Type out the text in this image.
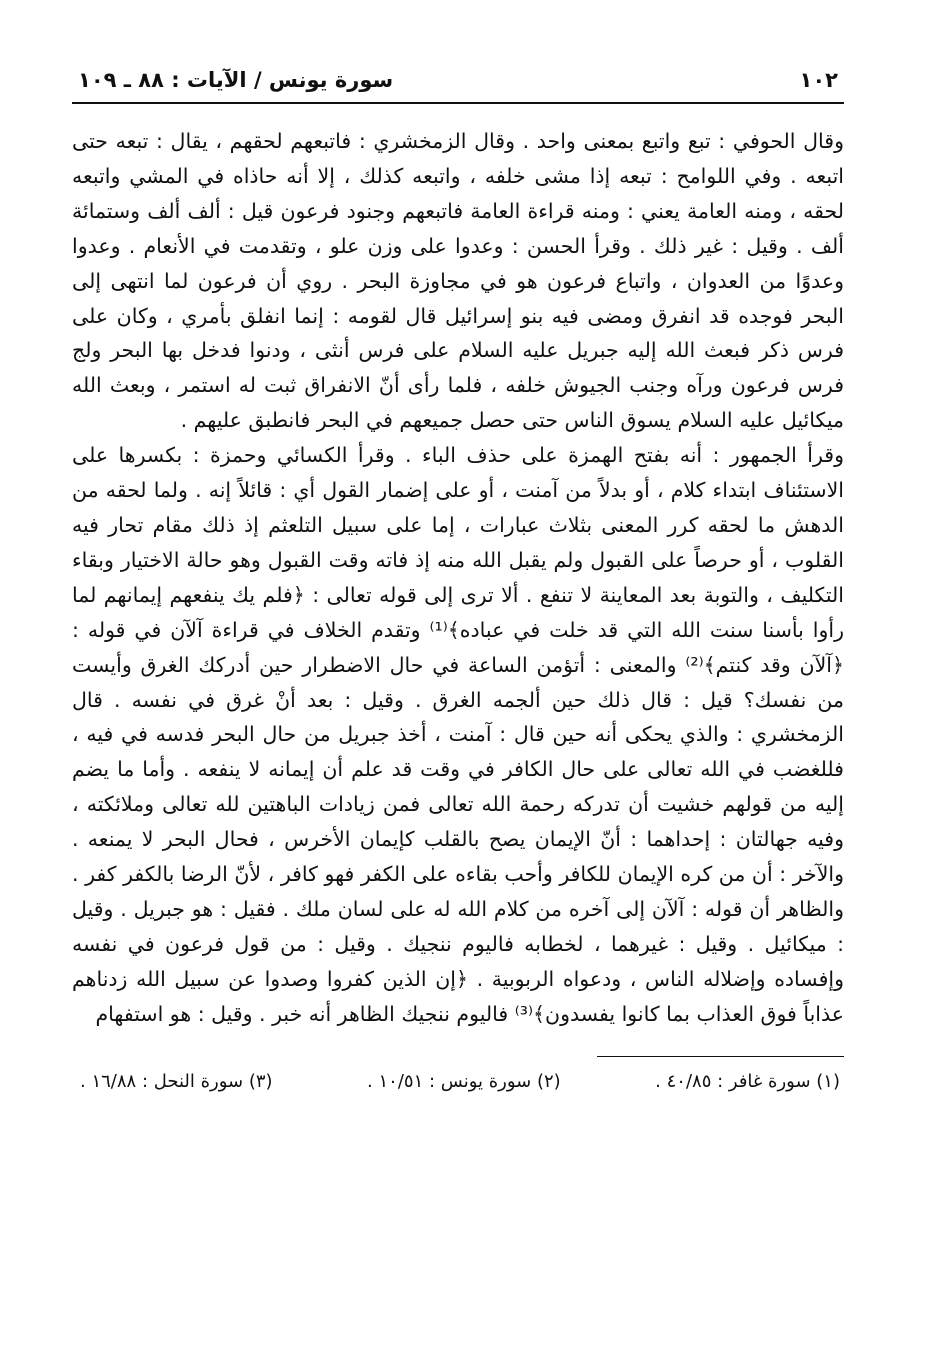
١٠٢
سورة يونس / الآيات : ٨٨ ـ ١٠٩

وقال الحوفي : تبع واتبع بمعنى واحد . وقال الزمخشري : فاتبعهم لحقهم ، يقال : تبعه حتى اتبعه . وفي اللوامح : تبعه إذا مشى خلفه ، واتبعه كذلك ، إلا أنه حاذاه في المشي واتبعه لحقه ، ومنه العامة يعني : ومنه قراءة العامة فاتبعهم وجنود فرعون قيل : ألف ألف وستمائة ألف . وقيل : غير ذلك . وقرأ الحسن : وعدوا على وزن علو ، وتقدمت في الأنعام . وعدوا وعدوًا من العدوان ، واتباع فرعون هو في مجاوزة البحر . روي أن فرعون لما انتهى إلى البحر فوجده قد انفرق ومضى فيه بنو إسرائيل قال لقومه : إنما انفلق بأمري ، وكان على فرس ذكر فبعث الله إليه جبريل عليه السلام على فرس أنثى ، ودنوا فدخل بها البحر ولج فرس فرعون ورآه وجنب الجيوش خلفه ، فلما رأى أنّ الانفراق ثبت له استمر ، وبعث الله ميكائيل عليه السلام يسوق الناس حتى حصل جميعهم في البحر فانطبق عليهم .

وقرأ الجمهور : أنه بفتح الهمزة على حذف الباء . وقرأ الكسائي وحمزة : بكسرها على الاستئناف ابتداء كلام ، أو بدلاً من آمنت ، أو على إضمار القول أي : قائلاً إنه . ولما لحقه من الدهش ما لحقه كرر المعنى بثلاث عبارات ، إما على سبيل التلعثم إذ ذلك مقام تحار فيه القلوب ، أو حرصاً على القبول ولم يقبل الله منه إذ فاته وقت القبول وهو حالة الاختيار وبقاء التكليف ، والتوبة بعد المعاينة لا تنفع . ألا ترى إلى قوله تعالى : ﴿فلم يك ينفعهم إيمانهم لما رأوا بأسنا سنت الله التي قد خلت في عباده﴾⁽¹⁾ وتقدم الخلاف في قراءة آلآن في قوله : ﴿آلآن وقد كنتم﴾⁽²⁾ والمعنى : أتؤمن الساعة في حال الاضطرار حين أدركك الغرق وأيست من نفسك؟ قيل : قال ذلك حين ألجمه الغرق . وقيل : بعد أنْ غرق في نفسه . قال الزمخشري : والذي يحكى أنه حين قال : آمنت ، أخذ جبريل من حال البحر فدسه في فيه ، فللغضب في الله تعالى على حال الكافر في وقت قد علم أن إيمانه لا ينفعه . وأما ما يضم إليه من قولهم خشيت أن تدركه رحمة الله تعالى فمن زيادات الباهتين لله تعالى وملائكته ، وفيه جهالتان : إحداهما : أنّ الإيمان يصح بالقلب كإيمان الأخرس ، فحال البحر لا يمنعه . والآخر : أن من كره الإيمان للكافر وأحب بقاءه على الكفر فهو كافر ، لأنّ الرضا بالكفر كفر . والظاهر أن قوله : آلآن إلى آخره من كلام الله له على لسان ملك . فقيل : هو جبريل . وقيل : ميكائيل . وقيل : غيرهما ، لخطابه فاليوم ننجيك . وقيل : من قول فرعون في نفسه وإفساده وإضلاله الناس ، ودعواه الربوبية . ﴿إن الذين كفروا وصدوا عن سبيل الله زدناهم عذاباً فوق العذاب بما كانوا يفسدون﴾⁽³⁾ فاليوم ننجيك الظاهر أنه خبر . وقيل : هو استفهام

(١) سورة غافر : ٤٠/٨٥ .
(٢) سورة يونس : ١٠/٥١ .
(٣) سورة النحل : ١٦/٨٨ .
